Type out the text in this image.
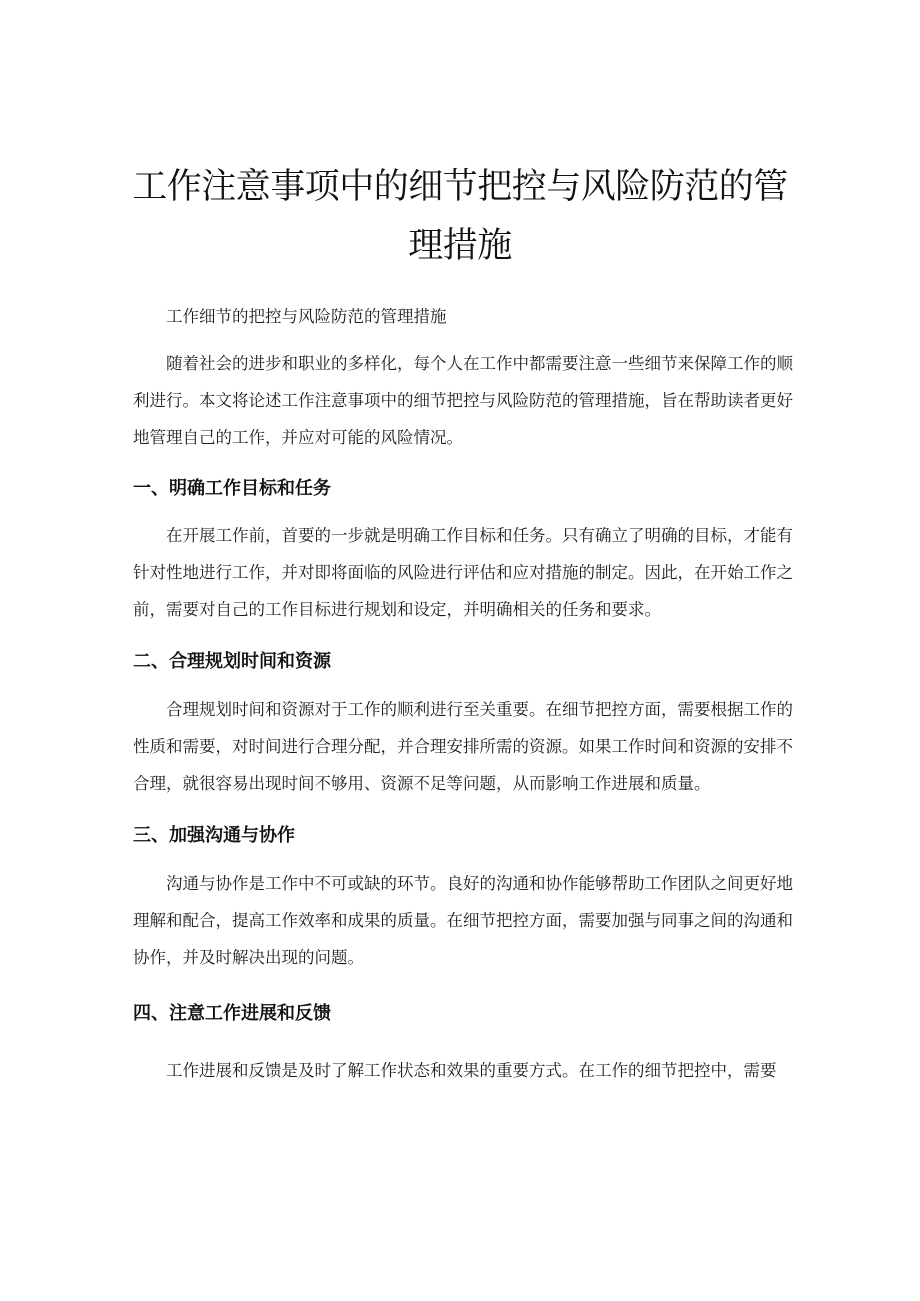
工作注意事项中的细节把控与风险防范的管理措施

工作细节的把控与风险防范的管理措施

随着社会的进步和职业的多样化，每个人在工作中都需要注意一些细节来保障工作的顺利进行。本文将论述工作注意事项中的细节把控与风险防范的管理措施，旨在帮助读者更好地管理自己的工作，并应对可能的风险情况。

一、明确工作目标和任务

在开展工作前，首要的一步就是明确工作目标和任务。只有确立了明确的目标，才能有针对性地进行工作，并对即将面临的风险进行评估和应对措施的制定。因此，在开始工作之前，需要对自己的工作目标进行规划和设定，并明确相关的任务和要求。

二、合理规划时间和资源

合理规划时间和资源对于工作的顺利进行至关重要。在细节把控方面，需要根据工作的性质和需要，对时间进行合理分配，并合理安排所需的资源。如果工作时间和资源的安排不合理，就很容易出现时间不够用、资源不足等问题，从而影响工作进展和质量。

三、加强沟通与协作

沟通与协作是工作中不可或缺的环节。良好的沟通和协作能够帮助工作团队之间更好地理解和配合，提高工作效率和成果的质量。在细节把控方面，需要加强与同事之间的沟通和协作，并及时解决出现的问题。

四、注意工作进展和反馈

工作进展和反馈是及时了解工作状态和效果的重要方式。在工作的细节把控中，需要
